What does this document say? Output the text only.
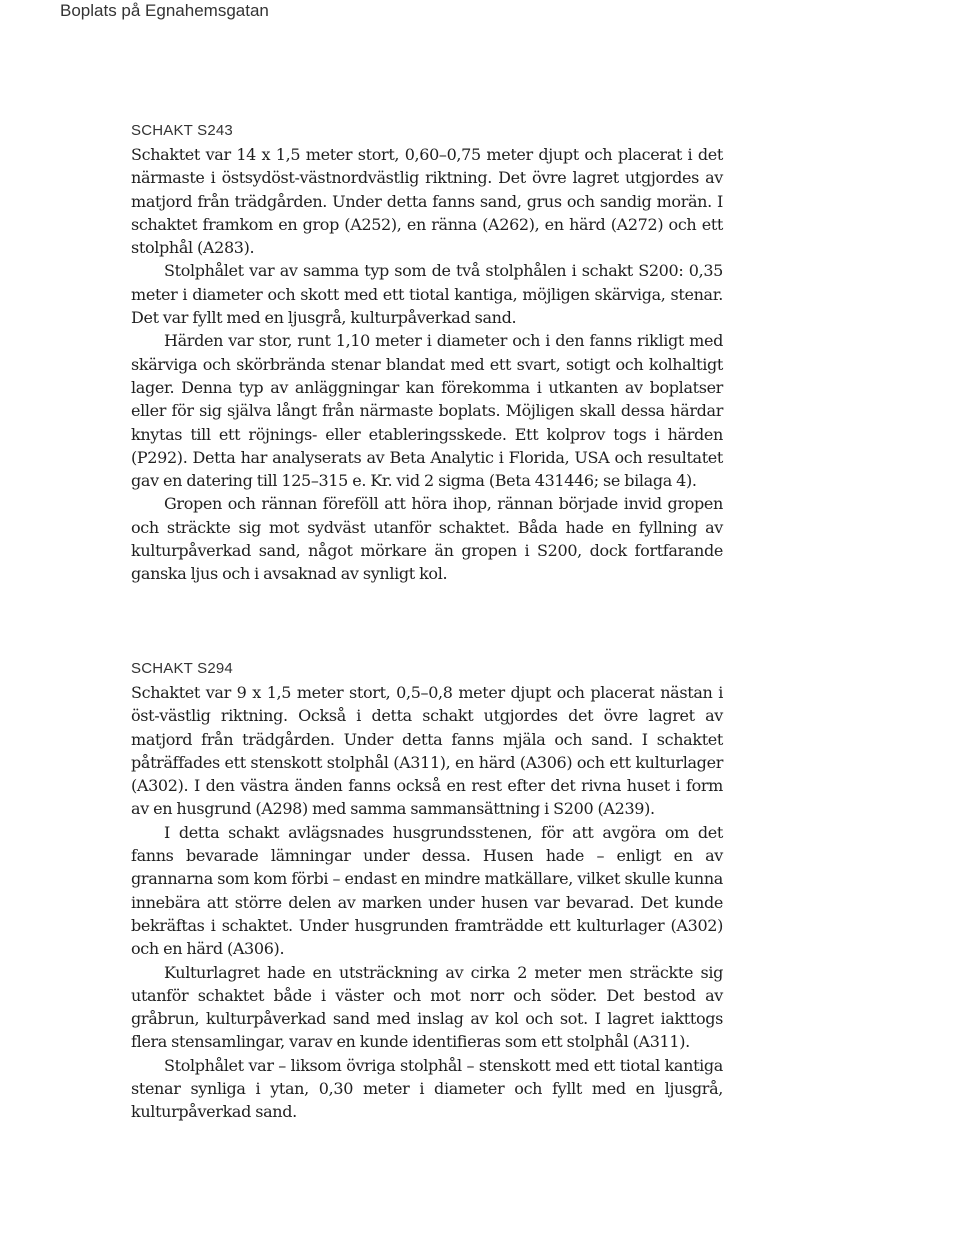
Boplats på Egnahemsgatan
SCHAKT S243

Schaktet var 14 x 1,5 meter stort, 0,60–0,75 meter djupt och placerat i det närmaste i östsydöst-västnordvästlig riktning. Det övre lagret utgjordes av matjord från trädgården. Under detta fanns sand, grus och sandig morän. I schaktet framkom en grop (A252), en ränna (A262), en härd (A272) och ett stolphål (A283).

Stolphålet var av samma typ som de två stolphålen i schakt S200: 0,35 meter i diameter och skott med ett tiotal kantiga, möjligen skärviga, stenar. Det var fyllt med en ljusgrå, kulturpåverkad sand.

Härden var stor, runt 1,10 meter i diameter och i den fanns rikligt med skärviga och skörbrända stenar blandat med ett svart, sotigt och kolhaltigt lager. Denna typ av anläggningar kan förekomma i utkanten av boplatser eller för sig själva långt från närmaste boplats. Möjligen skall dessa härdar knytas till ett röjnings- eller etableringsskede. Ett kolprov togs i härden (P292). Detta har analyserats av Beta Analytic i Florida, USA och resultatet gav en datering till 125–315 e. Kr. vid 2 sigma (Beta 431446; se bilaga 4).

Gropen och rännan föreföll att höra ihop, rännan började invid gropen och sträckte sig mot sydväst utanför schaktet. Båda hade en fyllning av kulturpåverkad sand, något mörkare än gropen i S200, dock fortfarande ganska ljus och i avsaknad av synligt kol.

SCHAKT S294

Schaktet var 9 x 1,5 meter stort, 0,5–0,8 meter djupt och placerat nästan i öst-västlig riktning. Också i detta schakt utgjordes det övre lagret av matjord från trädgården. Under detta fanns mjäla och sand. I schaktet påträffades ett stenskott stolphål (A311), en härd (A306) och ett kulturlager (A302). I den västra änden fanns också en rest efter det rivna huset i form av en husgrund (A298) med samma sammansättning i S200 (A239).

I detta schakt avlägsnades husgrundsstenen, för att avgöra om det fanns bevarade lämningar under dessa. Husen hade – enligt en av grannarna som kom förbi – endast en mindre matkällare, vilket skulle kunna innebära att större delen av marken under husen var bevarad. Det kunde bekräftas i schaktet. Under husgrunden framträdde ett kulturlager (A302) och en härd (A306).

Kulturlagret hade en utsträckning av cirka 2 meter men sträckte sig utanför schaktet både i väster och mot norr och söder. Det bestod av gråbrun, kulturpåverkad sand med inslag av kol och sot. I lagret iakttogs flera stensamlingar, varav en kunde identifieras som ett stolphål (A311).

Stolphålet var – liksom övriga stolphål – stenskott med ett tiotal kantiga stenar synliga i ytan, 0,30 meter i diameter och fyllt med en ljusgrå, kulturpåverkad sand.
